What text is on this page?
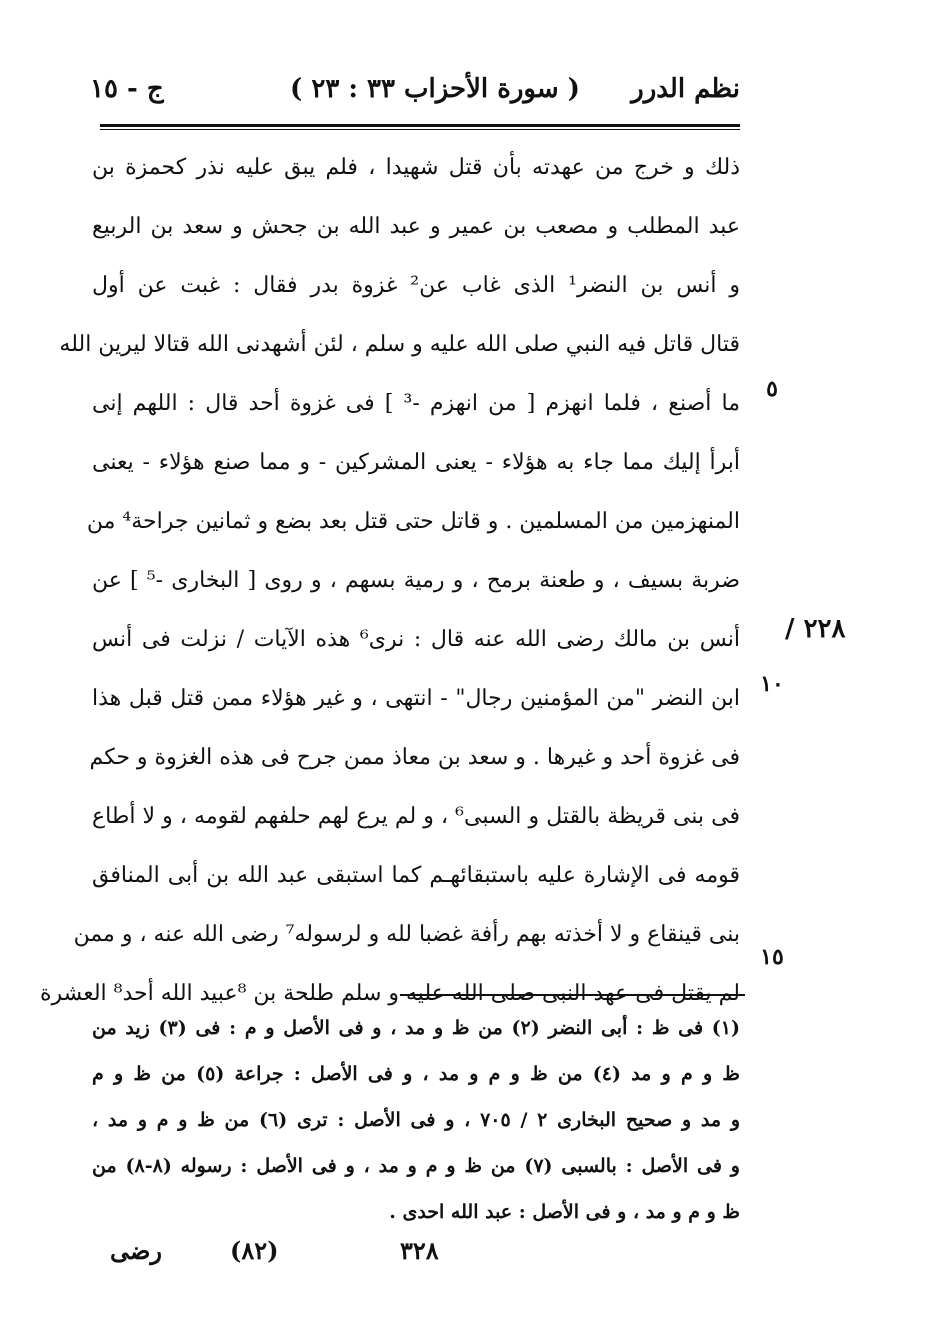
نظم الدرر
( سورة الأحزاب ٣٣ : ٢٣ )
ج - ١٥
ذلك و خرج من عهدته بأن قتل شهيدا ، فلم يبق عليه نذر كحمزة بن
عبد المطلب و مصعب بن عمير و عبد الله بن جحش و سعد بن الربيع
و أنس بن النضر¹ الذى غاب عن² غزوة بدر فقال : غبت عن أول
قتال قاتل فيه النبي صلى الله عليه و سلم ، لئن أشهدنى الله قتالا ليرين الله
ما أصنع ، فلما انهزم [ من انهزم -³ ] فى غزوة أحد قال : اللهم إنى
أبرأ إليك مما جاء به هؤلاء - يعنى المشركين - و مما صنع هؤلاء - يعنى
المنهزمين من المسلمين . و قاتل حتى قتل بعد بضع و ثمانين جراحة⁴ من
ضربة بسيف ، و طعنة برمح ، و رمية بسهم ، و روى [ البخارى -⁵ ] عن
أنس بن مالك رضى الله عنه قال : نرى⁶ هذه الآيات / نزلت فى أنس
ابن النضر "من المؤمنين رجال" - انتهى ، و غير هؤلاء ممن قتل قبل هذا
فى غزوة أحد و غيرها . و سعد بن معاذ ممن جرح فى هذه الغزوة و حكم
فى بنى قريظة بالقتل و السبى⁶ ، و لم يرع لهم حلفهم لقومه ، و لا أطاع
قومه فى الإشارة عليه باستبقائهـم كما استبقى عبد الله بن أبى المنافق
بنى قينقاع و لا أخذته بهم رأفة غضبا لله و لرسوله⁷ رضى الله عنه ، و ممن
لم يقتل فى عهد النبى صلى الله عليه و سلم طلحة بن ⁸عبيد الله أحد⁸ العشرة
٥
١٠
١٥
٢٢٨ /
(١) فى ظ : أبى النضر (٢) من ظ و مد ، و فى الأصل و م : فى (٣) زيد من
ظ و م و مد (٤) من ظ و م و مد ، و فى الأصل : جراعة (٥) من ظ و م
و مد و صحيح البخارى ٢ / ٧٠٥ ، و فى الأصل : ترى (٦) من ظ و م و مد ،
و فى الأصل : بالسبى (٧) من ظ و م و مد ، و فى الأصل : رسوله (٨-٨) من
ظ و م و مد ، و فى الأصل : عبد الله احدى .
رضى	(٨٢)	٣٢٨
